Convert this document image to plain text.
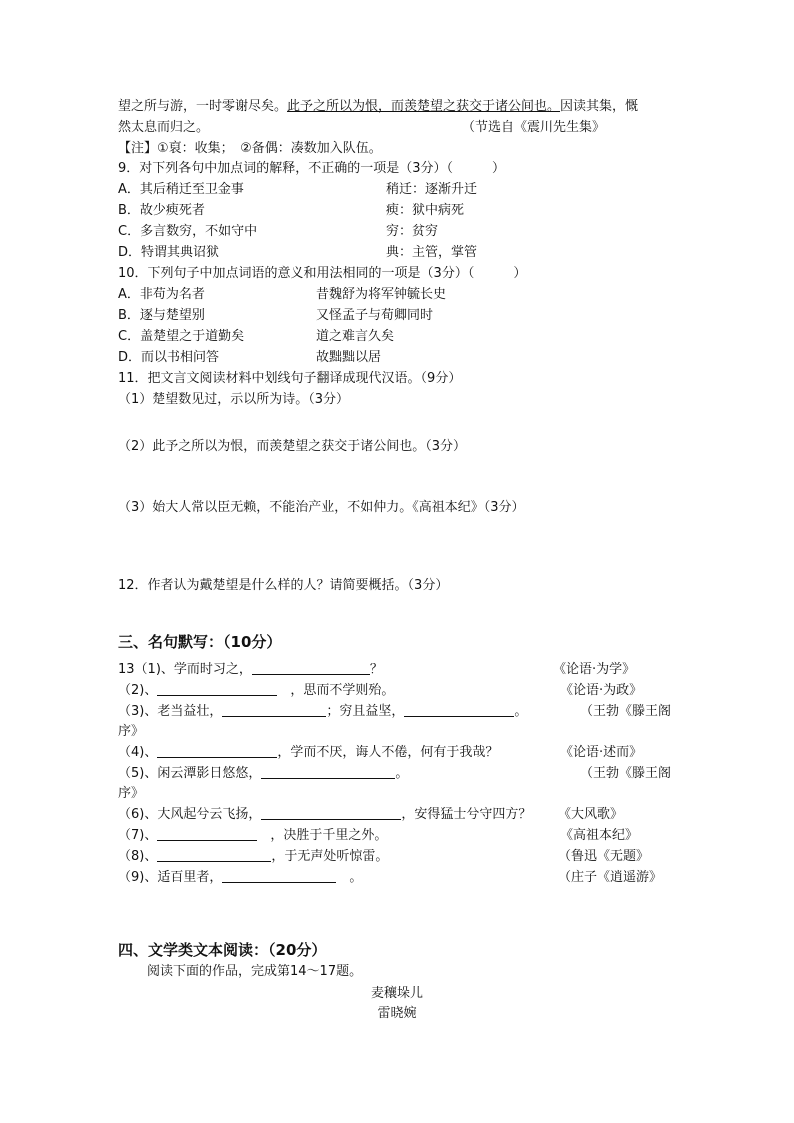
望之所与游，一时零谢尽矣。此予之所以为恨，而羡楚望之获交于诸公间也。因读其集，慨
然太息而归之。	（节选自《震川先生集》
【注】①裒：收集；　②备偶：凑数加入队伍。
9．对下列各句中加点词的解释，不正确的一项是（3分）（　　　）
A．其后稍迁至卫金事	稍迁：逐渐升迁
B．故少瘐死者	瘐：狱中病死
C．多言数穷，不如守中	穷：贫穷
D．特谓其典诏狱	典：主管，掌管
10．下列句子中加点词语的意义和用法相同的一项是（3分）（　　　）
A．非苟为名者	昔魏舒为将军钟毓长史
B．逐与楚望别	又怪孟子与荀卿同时
C．盖楚望之于道勤矣	道之难言久矣
D．而以书相问答	故黜黜以居
11．把文言文阅读材料中划线句子翻译成现代汉语。（9分）
（1）楚望数见过，示以所为诗。（3分）
（2）此予之所以为恨，而羡楚望之获交于诸公间也。（3分）
（3）始大人常以臣无赖，不能治产业，不如仲力。《高祖本纪》（3分）
12．作者认为戴楚望是什么样的人？请简要概括。（3分）
三、名句默写：（10分）
13（1)、学而时习之，	？	《论语·为学》
（2)、	　，思而不学则殆。	《论语·为政》
（3)、老当益壮，	；穷且益坚，	。	（王勃《滕王阁
序》
（4)、	，学而不厌，诲人不倦，何有于我哉？	《论语·述而》
（5)、闲云潭影日悠悠，	。	（王勃《滕王阁
序》
（6)、大风起兮云飞扬，	，安得猛士兮守四方？ 《大风歌》
（7)、	　，决胜于千里之外。	《高祖本纪》
（8)、	，于无声处听惊雷。	（鲁迅《无题》
（9)、适百里者，	　。	（庄子《逍遥游》
四、文学类文本阅读：（20分）
阅读下面的作品，完成第14～17题。
麦穰垛儿
雷晓婉
